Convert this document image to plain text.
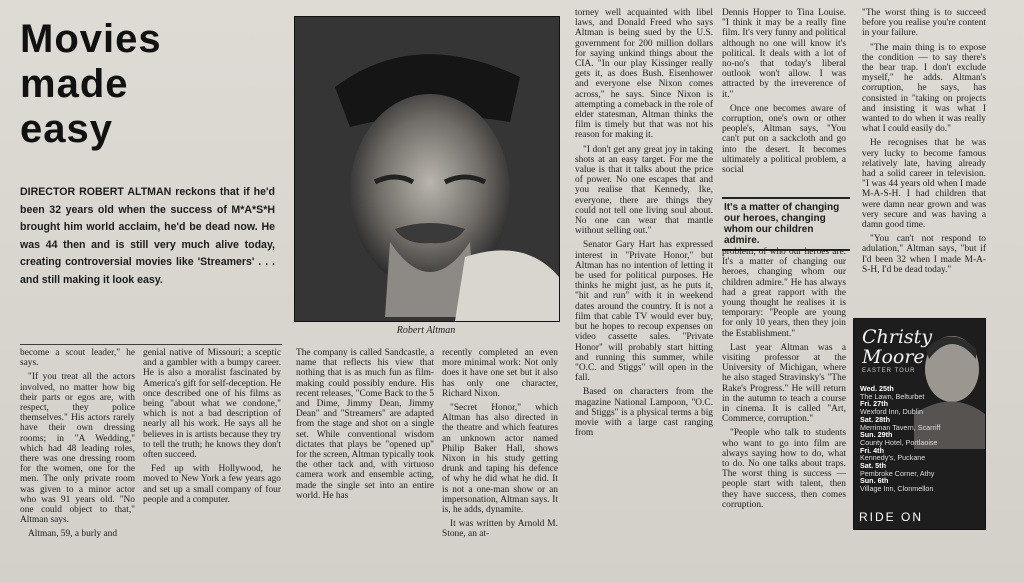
Movies
made
easy
DIRECTOR ROBERT ALTMAN reckons that if he'd been 32 years old when the success of M*A*S*H brought him world acclaim, he'd be dead now. He was 44 then and is still very much alive today, creating controversial movies like 'Streamers' . . . and still making it look easy.
Robert Altman

become a scout leader," he says.

"If you treat all the actors involved, no matter how big their parts or egos are, with respect, they police themselves." His actors rarely have their own dressing rooms; in "A Wedding," which had 48 leading roles, there was one dressing room for the women, one for the men. The only private room was given to a minor actor who was 91 years old. "No one could object to that," Altman says.

Altman, 59, a burly and

genial native of Missouri; a sceptic and a gambler with a bumpy career. He is also a moralist fascinated by America's gift for self-deception. He once described one of his films as being "about what we condone," which is not a bad description of nearly all his work. He says all he believes in is artists because they try to tell the truth; he knows they don't often succeed.

Fed up with Hollywood, he moved to New York a few years ago and set up a small company of four people and a computer.

The company is called Sandcastle, a name that reflects his view that nothing that is as much fun as film-making could possibly endure. His recent releases, "Come Back to the 5 and Dime, Jimmy Dean, Jimmy Dean" and "Streamers" are adapted from the stage and shot on a single set. While conventional wisdom dictates that plays be "opened up" for the screen, Altman typically took the other tack and, with virtuoso camera work and ensemble acting, made the single set into an entire world. He has

recently completed an even more minimal work: Not only does it have one set but it also has only one character, Richard Nixon.

"Secret Honor," which Altman has also directed in the theatre and which features an unknown actor named Philip Baker Hall, shows Nixon in his study getting drunk and taping his defence of why he did what he did. It is not a one-man show or an impersonation, Altman says. It is, he adds, dynamite.

It was written by Arnold M. Stone, an at-

torney well acquainted with libel laws, and Donald Freed who says Altman is being sued by the U.S. government for 200 million dollars for saying unkind things about the CIA. "In our play Kissinger really gets it, as does Bush. Eisenhower and everyone else Nixon comes across," he says. Since Nixon is attempting a comeback in the role of elder statesman, Altman thinks the film is timely but that was not his reason for making it.

"I don't get any great joy in taking shots at an easy target. For me the value is that it talks about the price of power. No one escapes that and you realise that Kennedy, Ike, everyone, there are things they could not tell one living soul about. No one can wear that mantle without selling out."

Senator Gary Hart has expressed interest in "Private Honor," but Altman has no intention of letting it be used for political purposes. He thinks he might just, as he puts it, "hit and run" with it in weekend dates around the country. It is not a film that cable TV would ever buy, but he hopes to recoup expenses on video cassette sales. "Private Honor" will probably start hitting and running this summer, while "O.C. and Stiggs" will open in the fall.

Based on characters from the magazine National Lampoon, "O.C. and Stiggs" is a physical terms a big movie with a large cast ranging from

Dennis Hopper to Tina Louise. "I think it may be a really fine film. It's very funny and political although no one will know it's political. It deals with a lot of no-no's that today's liberal outlook won't allow. I was attracted by the irreverence of it."

Once one becomes aware of corruption, one's own or other people's, Altman says, "You can't put on a sackcloth and go into the desert. It becomes ultimately a political problem, a social

It's a matter of changing our heroes, changing whom our children admire.

problem, of who our heroes are. It's a matter of changing our heroes, changing whom our children admire." He has always had a great rapport with the young thought he realises it is temporary: "People are young for only 10 years, then they join the Establishment."

Last year Altman was a visiting professor at the University of Michigan, where he also staged Stravinsky's "The Rake's Progress." He will return in the autumn to teach a course in cinema. It is called "Art, Commerce, corruption."

"People who talk to students who want to go into film are always saying how to do, what to do. No one talks about traps. The worst thing is success — people start with talent, then they have success, then comes corruption.

"The worst thing is to succeed before you realise you're content in your failure.

"The main thing is to expose the condition — to say there's the bear trap. I don't exclude myself," he adds. Altman's corruption, he says, has consisted in "taking on projects and insisting it was what I wanted to do when it was really what I could easily do."

He recognises that he was very lucky to become famous relatively late, having already had a solid career in television. "I was 44 years old when I made M-A-S-H. I had children that were damn near grown and was very secure and was having a damn good time.

"You can't not respond to adulation," Altman says, "but if I'd been 32 when I made M-A-S-H, I'd be dead today."

Christy
Moore
EASTER TOUR
Wed. 25th
The Lawn, Belturbet
Fri. 27th
Wexford Inn, Dublin
Sat. 28th
Merriman Tavern, Scarriff
Sun. 29th
County Hotel, Portlaoise
Fri. 4th
Kennedy's, Puckane
Sat. 5th
Pembroke Corner, Athy
Sun. 6th
Village Inn, Clonmellon
RIDE ON
